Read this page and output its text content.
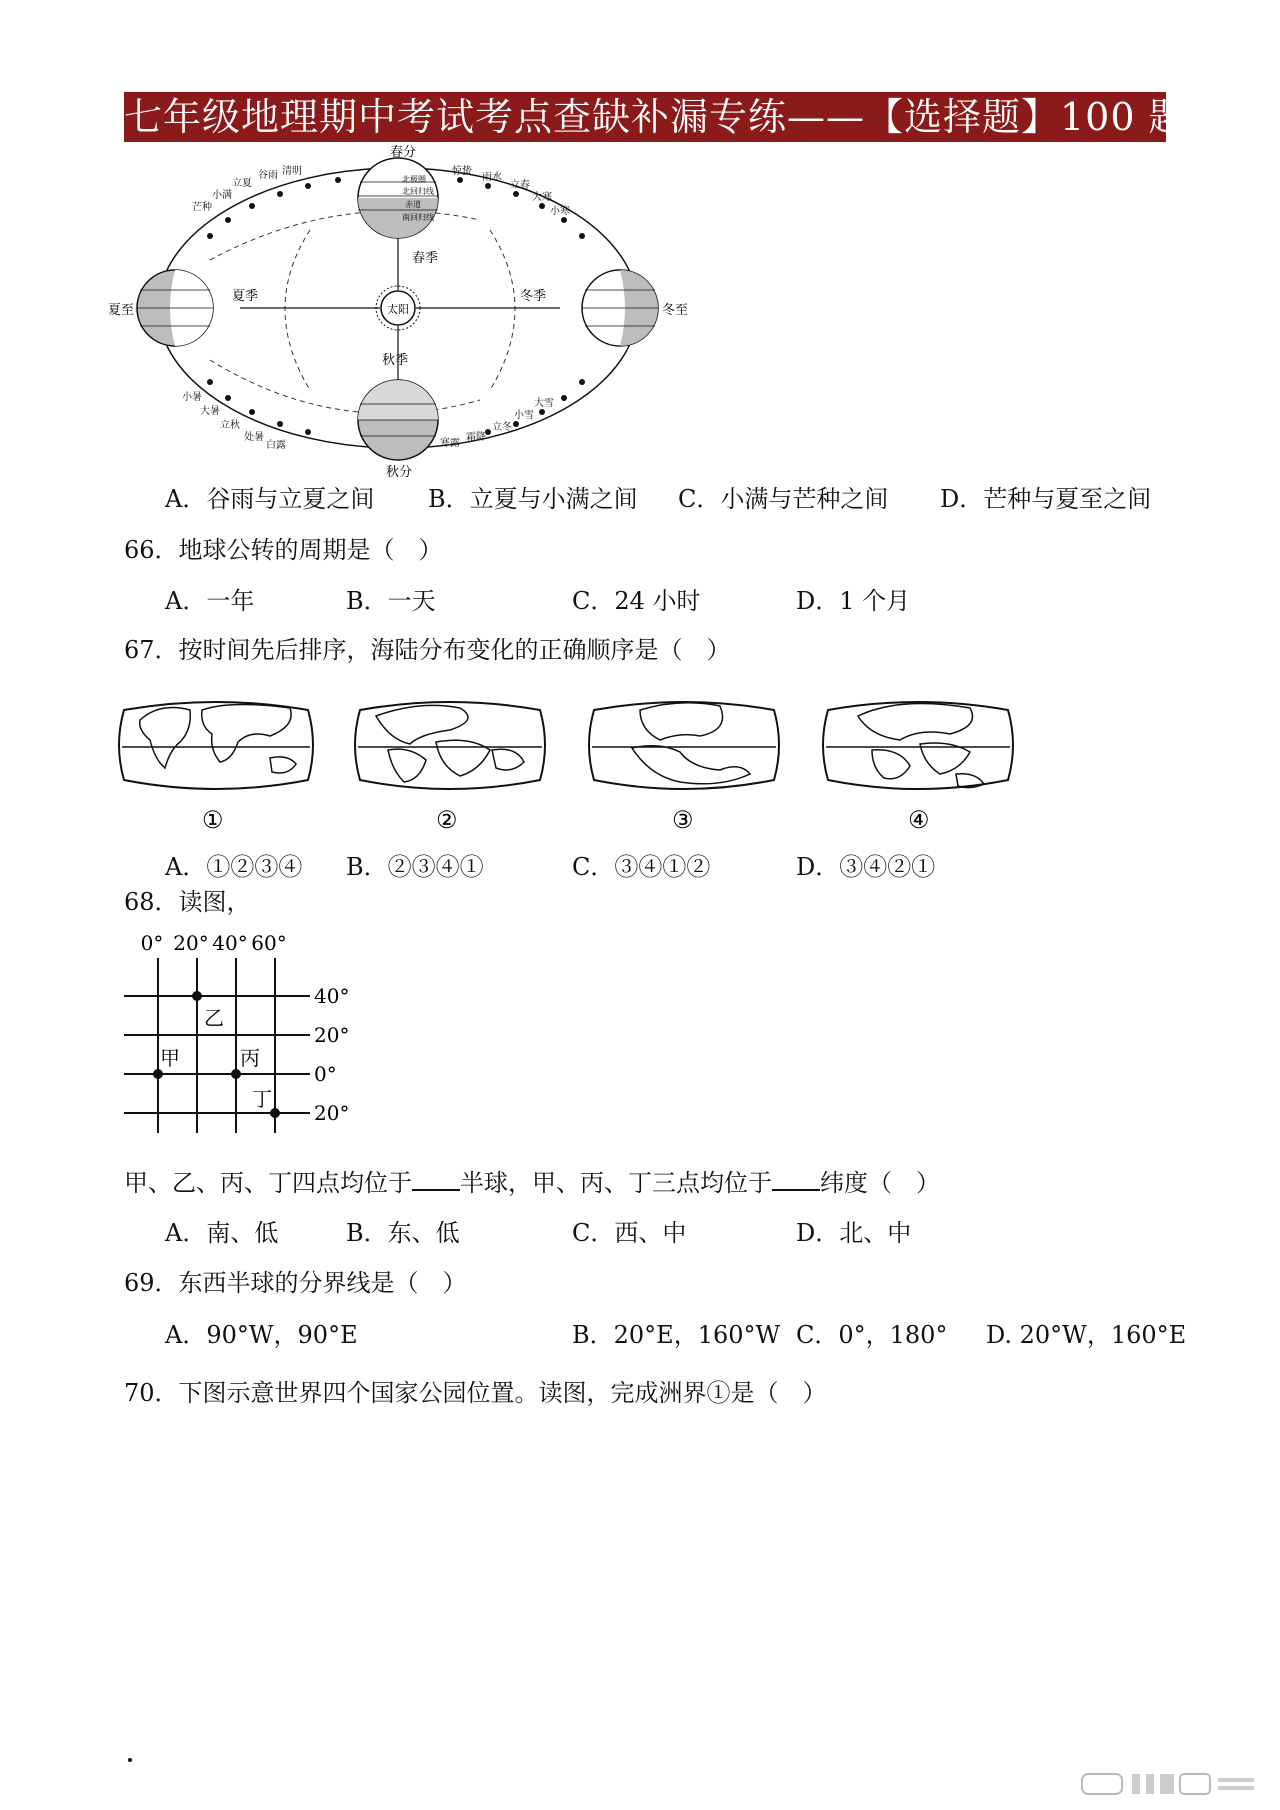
七年级地理期中考试考点查缺补漏专练——【选择题】100 题
太阳
春季
夏季
秋季
冬季
北极圈
北回归线
赤道
南回归线
春分
夏至	冬至
秋分
谷雨 清明
立夏
小满
芒种
惊蛰
雨水
立春
大寒
小寒
小暑
大暑
立秋
处暑
白露	寒露
霜降
立冬
小雪
大雪
A．谷雨与立夏之间 B．立夏与小满之间 C．小满与芒种之间 D．芒种与夏至之间
66．地球公转的周期是（　）
A．一年	B．一天	C．24 小时	D．1 个月
67．按时间先后排序，海陆分布变化的正确顺序是（　）
①	②	③	④
A．①②③④ B．②③④①	C．③④①②	D．③④②①
68．读图，
0° 20° 40° 60°
40°
20°
0°
20°
乙
甲	丙
丁
甲、乙、丙、丁四点均位于 半球，甲、丙、丁三点均位于 纬度（　）
A．南、低	B．东、低	C．西、中	D．北、中
69．东西半球的分界线是（　）
A．90°W，90°E	B．20°E，160°W C．0°，180° D. 20°W，160°E
70．下图示意世界四个国家公园位置。读图，完成洲界①是（　）
